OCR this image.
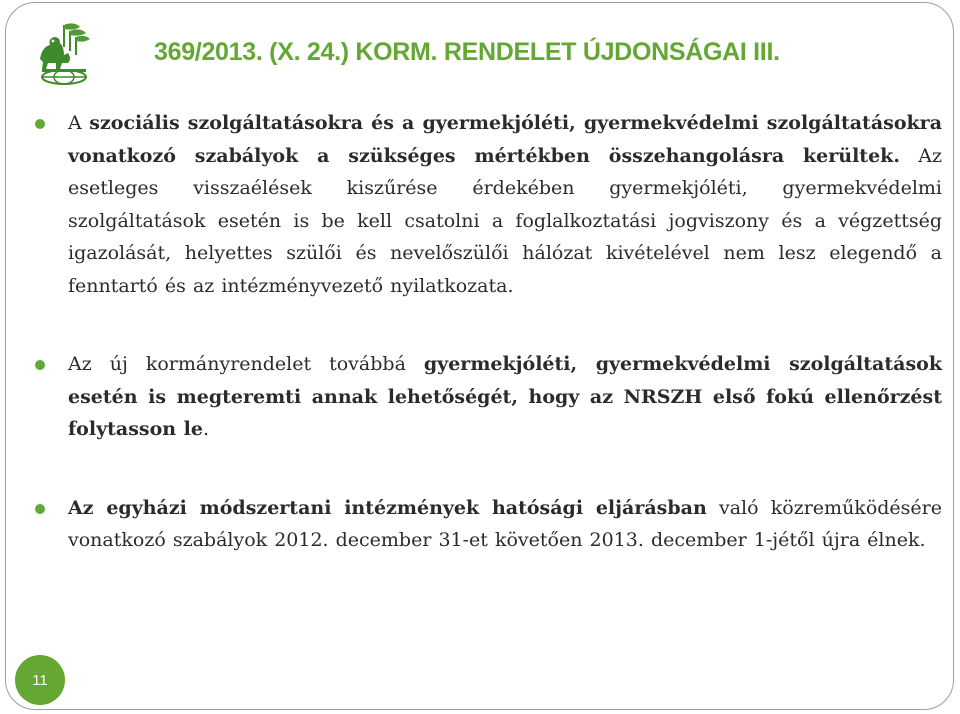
369/2013. (X. 24.) KORM. RENDELET ÚJDONSÁGAI III.

A szociális szolgáltatásokra és a gyermekjóléti, gyermekvédelmi szolgáltatásokra vonatkozó szabályok a szükséges mértékben összehangolásra kerültek. Az esetleges visszaélések kiszűrése érdekében gyermekjóléti, gyermekvédelmi szolgáltatások esetén is be kell csatolni a foglalkoztatási jogviszony és a végzettség igazolását, helyettes szülői és nevelőszülői hálózat kivételével nem lesz elegendő a fenntartó és az intézményvezető nyilatkozata.

Az új kormányrendelet továbbá gyermekjóléti, gyermekvédelmi szolgáltatások esetén is megteremti annak lehetőségét, hogy az NRSZH első fokú ellenőrzést folytasson le.

Az egyházi módszertani intézmények hatósági eljárásban való közreműködésére vonatkozó szabályok 2012. december 31-et követően 2013. december 1-jétől újra élnek.

11
